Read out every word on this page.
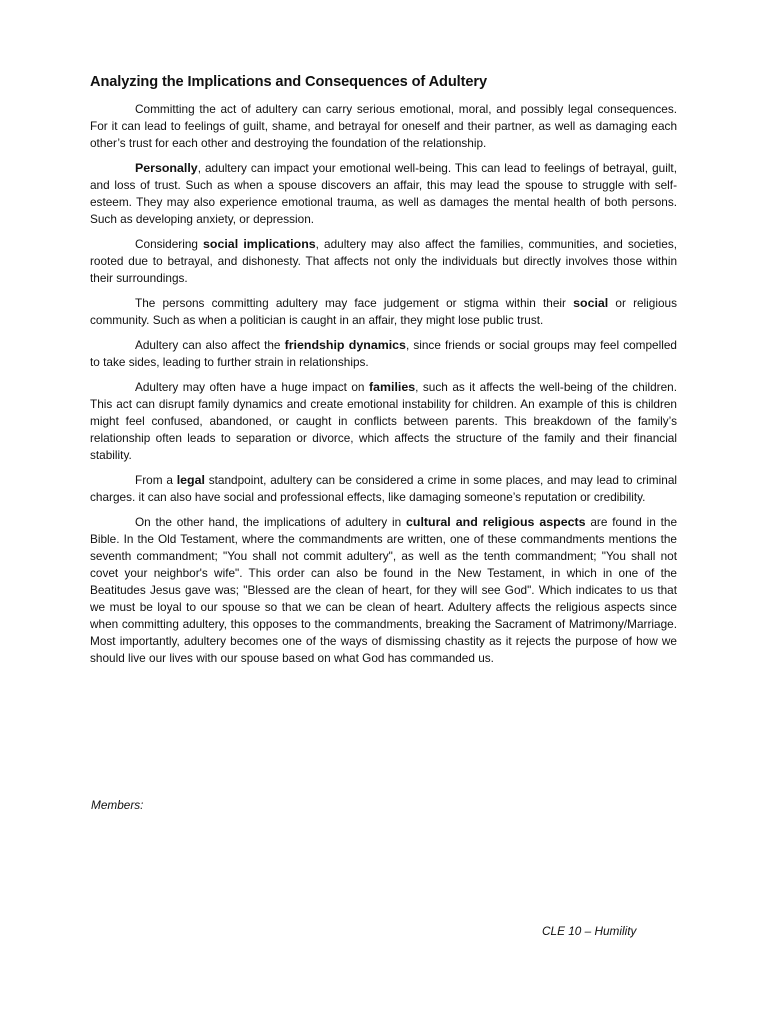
Analyzing the Implications and Consequences of Adultery

Committing the act of adultery can carry serious emotional, moral, and possibly legal consequences. For it can lead to feelings of guilt, shame, and betrayal for oneself and their partner, as well as damaging each other’s trust for each other and destroying the foundation of the relationship.

Personally, adultery can impact your emotional well-being. This can lead to feelings of betrayal, guilt, and loss of trust. Such as when a spouse discovers an affair, this may lead the spouse to struggle with self-esteem. They may also experience emotional trauma, as well as damages the mental health of both persons. Such as developing anxiety, or depression.

Considering social implications, adultery may also affect the families, communities, and societies, rooted due to betrayal, and dishonesty. That affects not only the individuals but directly involves those within their surroundings.

The persons committing adultery may face judgement or stigma within their social or religious community. Such as when a politician is caught in an affair, they might lose public trust.

Adultery can also affect the friendship dynamics, since friends or social groups may feel compelled to take sides, leading to further strain in relationships.

Adultery may often have a huge impact on families, such as it affects the well-being of the children. This act can disrupt family dynamics and create emotional instability for children. An example of this is children might feel confused, abandoned, or caught in conflicts between parents. This breakdown of the family’s relationship often leads to separation or divorce, which affects the structure of the family and their financial stability.

From a legal standpoint, adultery can be considered a crime in some places, and may lead to criminal charges. it can also have social and professional effects, like damaging someone’s reputation or credibility.

On the other hand, the implications of adultery in cultural and religious aspects are found in the Bible. In the Old Testament, where the commandments are written, one of these commandments mentions the seventh commandment; "You shall not commit adultery", as well as the tenth commandment; "You shall not covet your neighbor's wife". This order can also be found in the New Testament, in which in one of the Beatitudes Jesus gave was; "Blessed are the clean of heart, for they will see God". Which indicates to us that we must be loyal to our spouse so that we can be clean of heart. Adultery affects the religious aspects since when committing adultery, this opposes to the commandments, breaking the Sacrament of Matrimony/Marriage. Most importantly, adultery becomes one of the ways of dismissing chastity as it rejects the purpose of how we should live our lives with our spouse based on what God has commanded us.

Members:
CLE 10 – Humility
